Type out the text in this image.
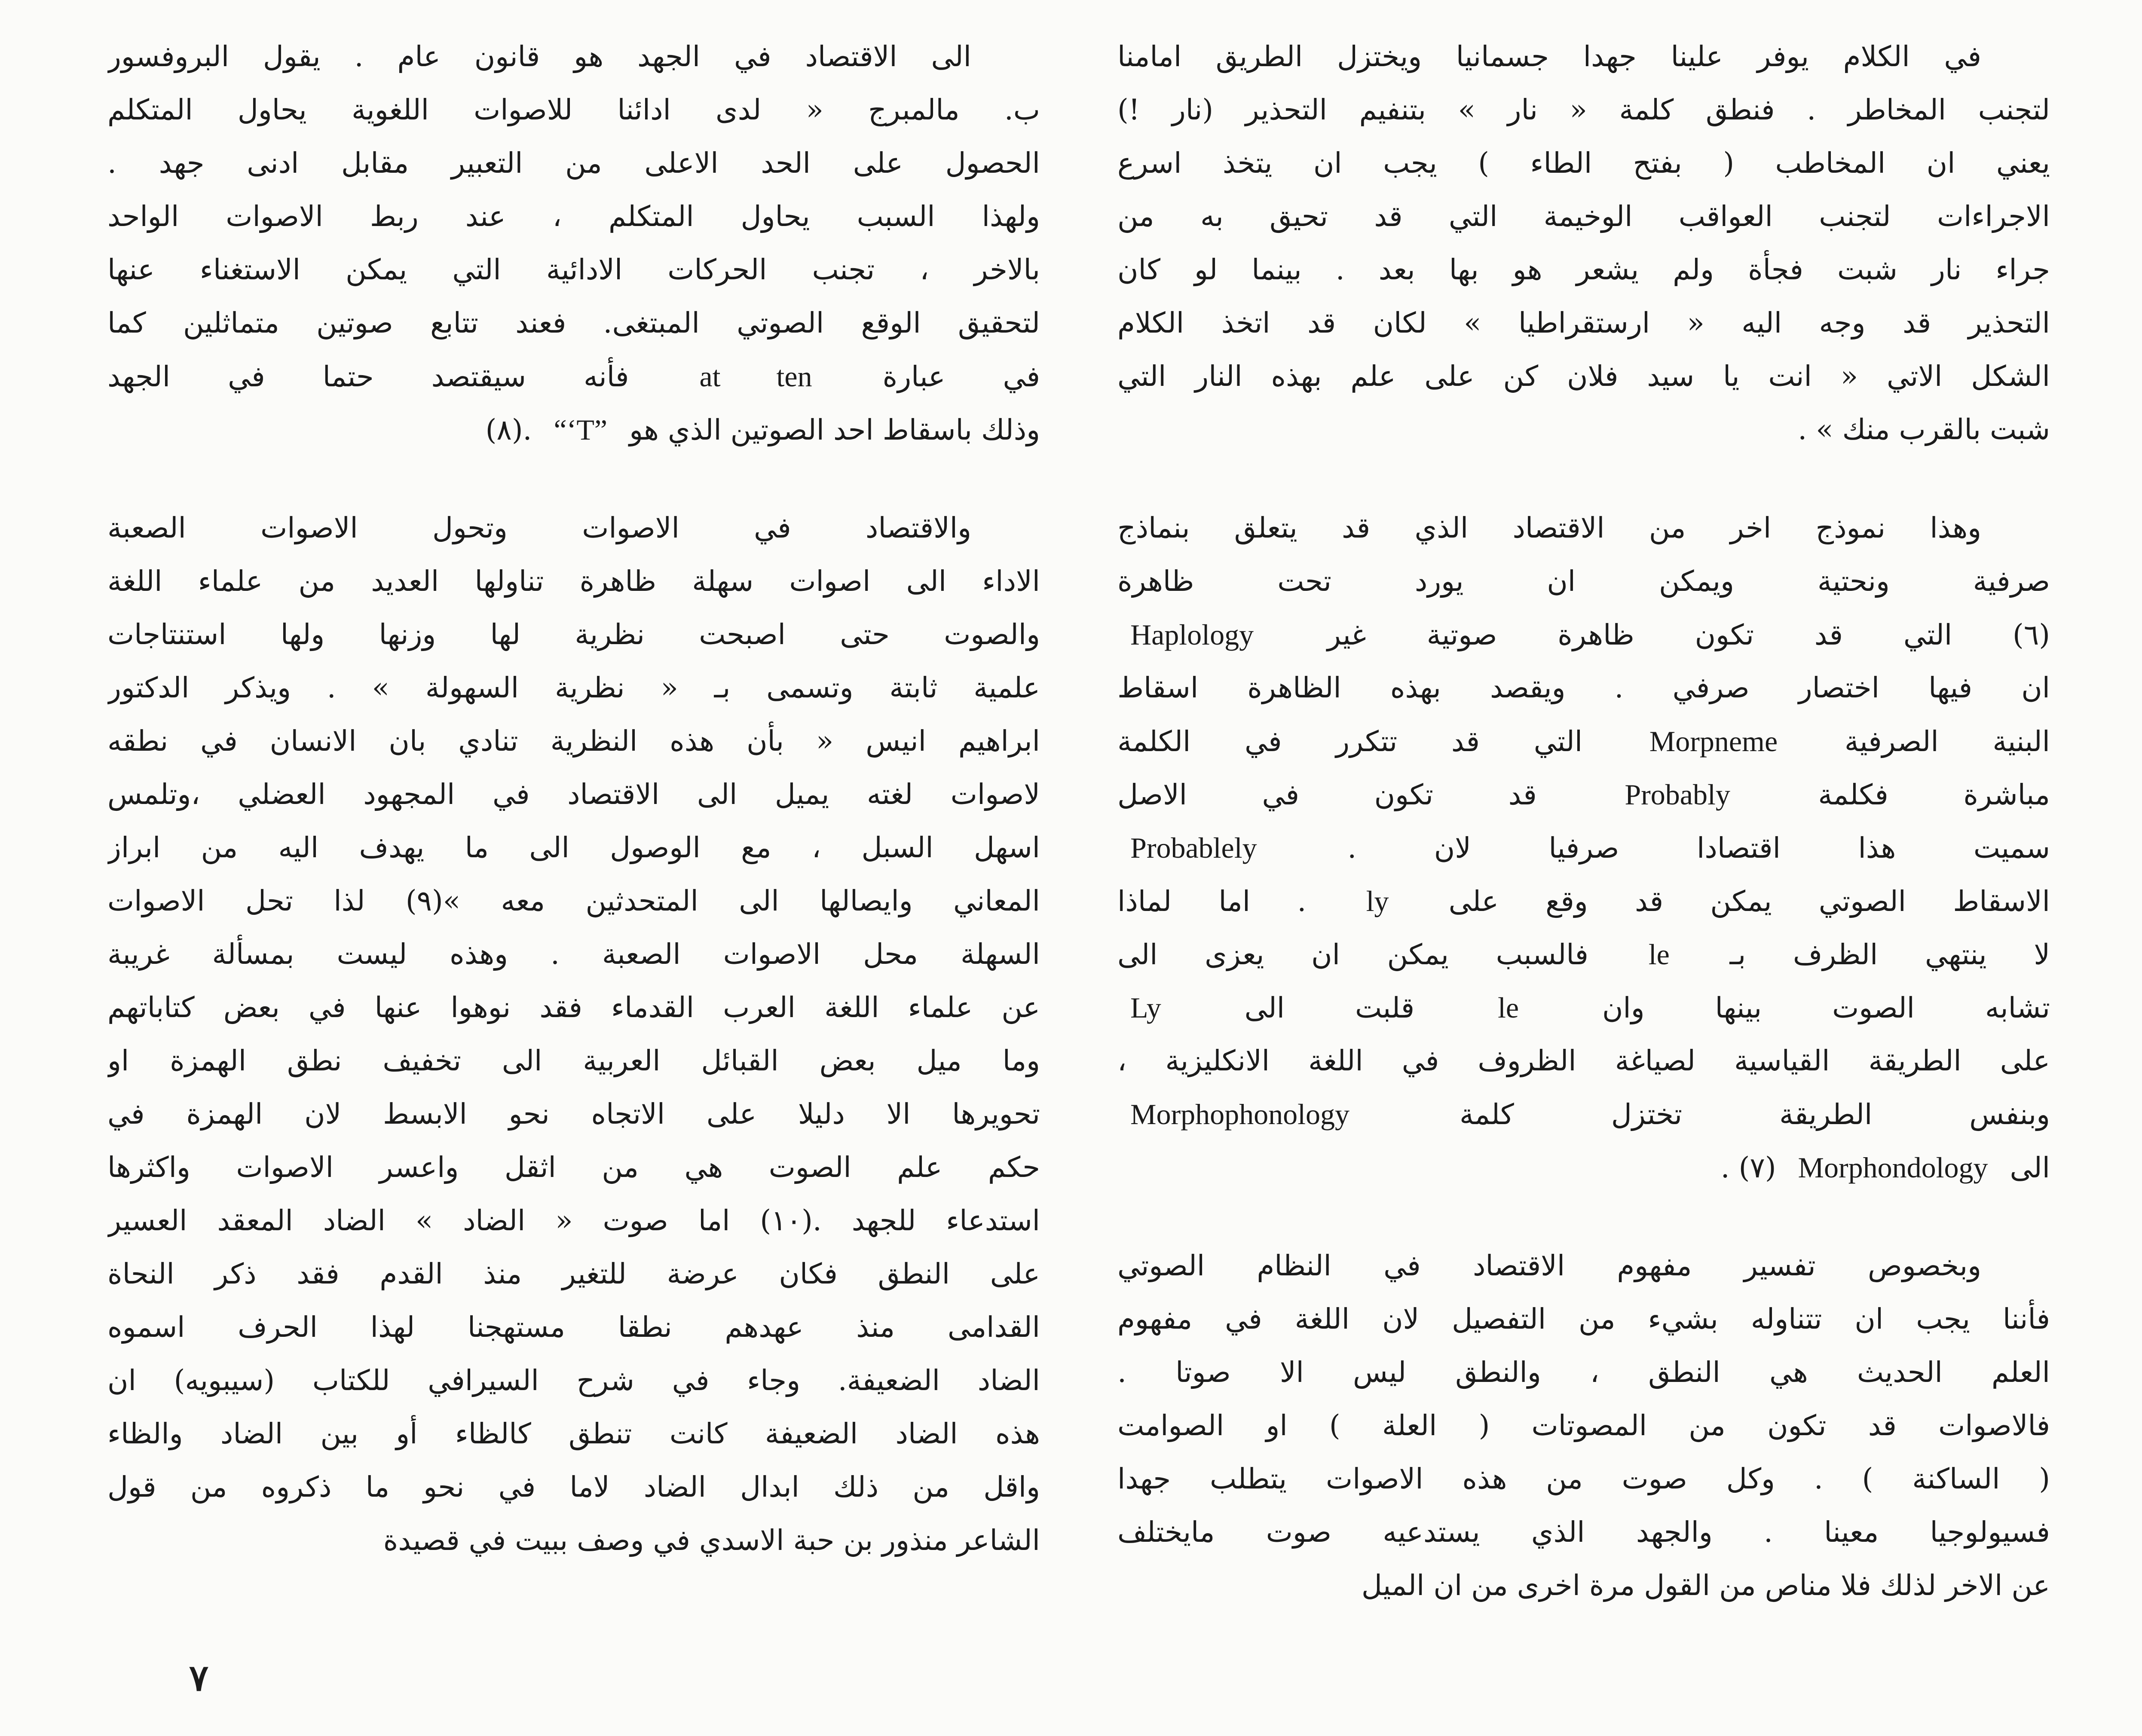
في الكلام يوفر علينا جهدا جسمانيا ويختزل الطريق امامنا
لتجنب المخاطر . فنطق كلمة « نار » بتنفيم التحذير (نار !)
يعني ان المخاطب ( بفتح الطاء ) يجب ان يتخذ اسرع
الاجراءات لتجنب العواقب الوخيمة التي قد تحيق به من
جراء نار شبت فجأة ولم يشعر هو بها بعد . بينما لو كان
التحذير قد وجه اليه « ارستقراطيا » لكان قد اتخذ الكلام
الشكل الاتي « انت يا سيد فلان كن على علم بهذه النار التي
شبت بالقرب منك » .
وهذا نموذج اخر من الاقتصاد الذي قد يتعلق بنماذج
صرفية ونحتية ويمكن ان يورد تحت ظاهرة
(٦) التي قد تكون ظاهرة صوتية غير Haplology
ان فيها اختصار صرفي . ويقصد بهذه الظاهرة اسقاط
البنية الصرفية Morpneme التي قد تتكرر في الكلمة
مباشرة فكلمة Probably قد تكون في الاصل
سميت هذا اقتصادا صرفيا لان . Probablely
الاسقاط الصوتي يمكن قد وقع على ly . اما لماذا
لا ينتهي الظرف بـ le فالسبب يمكن ان يعزى الى
تشابه الصوت بينها وان le قلبت الى Ly
على الطريقة القياسية لصياغة الظروف في اللغة الانكليزية ،
وبنفس الطريقة تختزل كلمة Morphophonology
الى Morphondology (٧) .
وبخصوص تفسير مفهوم الاقتصاد في النظام الصوتي
فأننا يجب ان تتناوله بشيء من التفصيل لان اللغة في مفهوم
العلم الحديث هي النطق ، والنطق ليس الا صوتا .
فالاصوات قد تكون من المصوتات ( العلة ) او الصوامت
( الساكنة ) . وكل صوت من هذه الاصوات يتطلب جهدا
فسيولوجيا معينا . والجهد الذي يستدعيه صوت مايختلف
عن الاخر لذلك فلا مناص من القول مرة اخرى من ان الميل
الى الاقتصاد في الجهد هو قانون عام . يقول البروفسور
ب. مالمبرج « لدى ادائنا للاصوات اللغوية يحاول المتكلم
الحصول على الحد الاعلى من التعبير مقابل ادنى جهد .
ولهذا السبب يحاول المتكلم ، عند ربط الاصوات الواحد
بالاخر ، تجنب الحركات الادائية التي يمكن الاستغناء عنها
لتحقيق الوقع الصوتي المبتغى. فعند تتابع صوتين متماثلين كما
في عبارة at ten فأنه سيقتصد حتما في الجهد
وذلك باسقاط احد الصوتين الذي هو “‘T” .(٨)
والاقتصاد في الاصوات وتحول الاصوات الصعبة
الاداء الى اصوات سهلة ظاهرة تناولها العديد من علماء اللغة
والصوت حتى اصبحت نظرية لها وزنها ولها استنتاجات
علمية ثابتة وتسمى بـ « نظرية السهولة » . ويذكر الدكتور
ابراهيم انيس « بأن هذه النظرية تنادي بان الانسان في نطقه
لاصوات لغته يميل الى الاقتصاد في المجهود العضلي ،وتلمس
اسهل السبل ، مع الوصول الى ما يهدف اليه من ابراز
المعاني وايصالها الى المتحدثين معه »(٩) لذا تحل الاصوات
السهلة محل الاصوات الصعبة . وهذه ليست بمسألة غريبة
عن علماء اللغة العرب القدماء فقد نوهوا عنها في بعض كتاباتهم
وما ميل بعض القبائل العربية الى تخفيف نطق الهمزة او
تحويرها الا دليلا على الاتجاه نحو الابسط لان الهمزة في
حكم علم الصوت هي من اثقل واعسر الاصوات واكثرها
استدعاء للجهد .(١٠) اما صوت « الضاد » الضاد المعقد العسير
على النطق فكان عرضة للتغير منذ القدم فقد ذكر النحاة
القدامى منذ عهدهم نطقا مستهجنا لهذا الحرف اسموه
الضاد الضعيفة. وجاء في شرح السيرافي للكتاب (سيبويه) ان
هذه الضاد الضعيفة كانت تنطق كالظاء أو بين الضاد والظاء
واقل من ذلك ابدال الضاد لاما في نحو ما ذكروه من قول
الشاعر منذور بن حبة الاسدي في وصف ببيت في قصيدة
٧
